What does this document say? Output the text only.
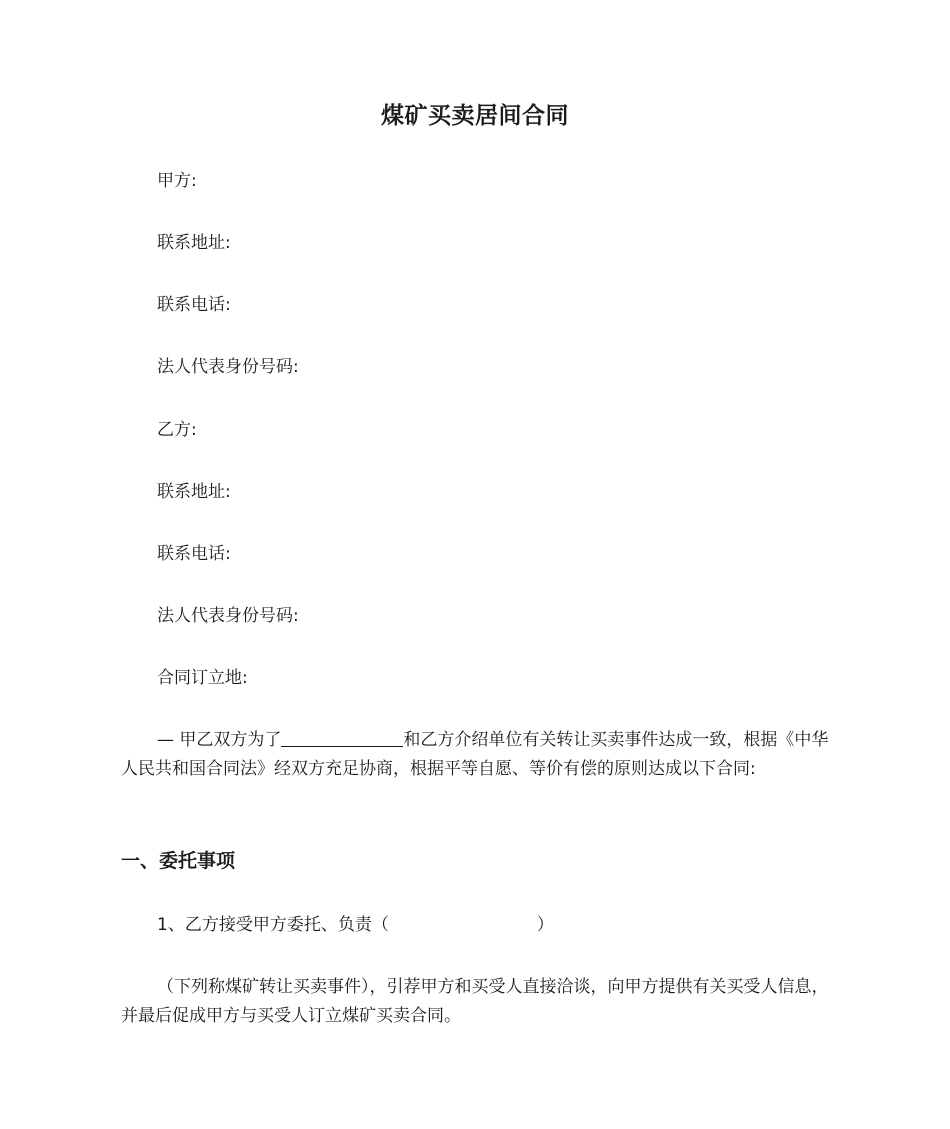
煤矿买卖居间合同
甲方:
联系地址:
联系电话:
法人代表身份号码:
乙方:
联系地址:
联系电话:
法人代表身份号码:
合同订立地:
— 甲乙双方为了	和乙方介绍单位有关转让买卖事件达成一致，根据《中华人民共和国合同法》经双方充足协商，根据平等自愿、等价有偿的原则达成以下合同:
一、委托事项
1、乙方接受甲方委托、负责（	）
（下列称煤矿转让买卖事件），引荐甲方和买受人直接洽谈，向甲方提供有关买受人信息，并最后促成甲方与买受人订立煤矿买卖合同。
